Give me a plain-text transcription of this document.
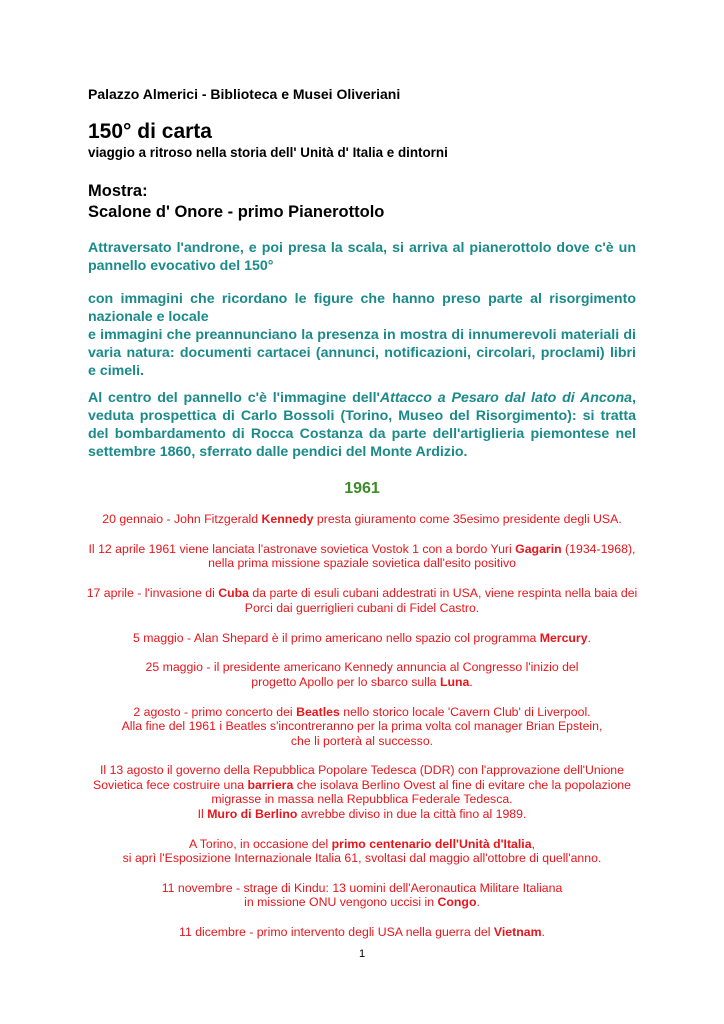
Palazzo Almerici - Biblioteca e Musei Oliveriani
150° di carta
viaggio a ritroso nella storia dell' Unità d' Italia e dintorni
Mostra:
Scalone d' Onore - primo Pianerottolo

Attraversato l'androne, e poi presa la scala, si arriva al pianerottolo dove c'è un pannello evocativo del 150°

con immagini che ricordano le figure che hanno preso parte al risorgimento nazionale e locale

e immagini che preannunciano la presenza in mostra di innumerevoli materiali di varia natura: documenti cartacei (annunci, notificazioni, circolari, proclami) libri e cimeli.

Al centro del pannello c'è l'immagine dell'Attacco a Pesaro dal lato di Ancona, veduta prospettica di Carlo Bossoli (Torino, Museo del Risorgimento): si tratta del bombardamento di Rocca Costanza da parte dell'artiglieria piemontese nel settembre 1860, sferrato dalle pendici del Monte Ardizio.

1961
20 gennaio - John Fitzgerald Kennedy presta giuramento come 35esimo presidente degli USA.
Il 12 aprile 1961 viene lanciata l'astronave sovietica Vostok 1 con a bordo Yuri Gagarin (1934-1968),
nella prima missione spaziale sovietica dall'esito positivo
17 aprile - l'invasione di Cuba da parte di esuli cubani addestrati in USA, viene respinta nella baia dei
Porci dai guerriglieri cubani di Fidel Castro.
5 maggio - Alan Shepard è il primo americano nello spazio col programma Mercury.
25 maggio - il presidente americano Kennedy annuncia al Congresso l'inizio del
progetto Apollo per lo sbarco sulla Luna.
2 agosto - primo concerto dei Beatles nello storico locale 'Cavern Club' di Liverpool.
Alla fine del 1961 i Beatles s'incontreranno per la prima volta col manager Brian Epstein,
che li porterà al successo.
Il 13 agosto il governo della Repubblica Popolare Tedesca (DDR) con l'approvazione dell'Unione
Sovietica fece costruire una barriera che isolava Berlino Ovest al fine di evitare che la popolazione
migrasse in massa nella Repubblica Federale Tedesca.
Il Muro di Berlino avrebbe diviso in due la città fino al 1989.
A Torino, in occasione del primo centenario dell'Unità d'Italia,
si aprì l'Esposizione Internazionale Italia 61, svoltasi dal maggio all'ottobre di quell'anno.
11 novembre - strage di Kindu: 13 uomini dell'Aeronautica Militare Italiana
in missione ONU vengono uccisi in Congo.
11 dicembre - primo intervento degli USA nella guerra del Vietnam.
1
